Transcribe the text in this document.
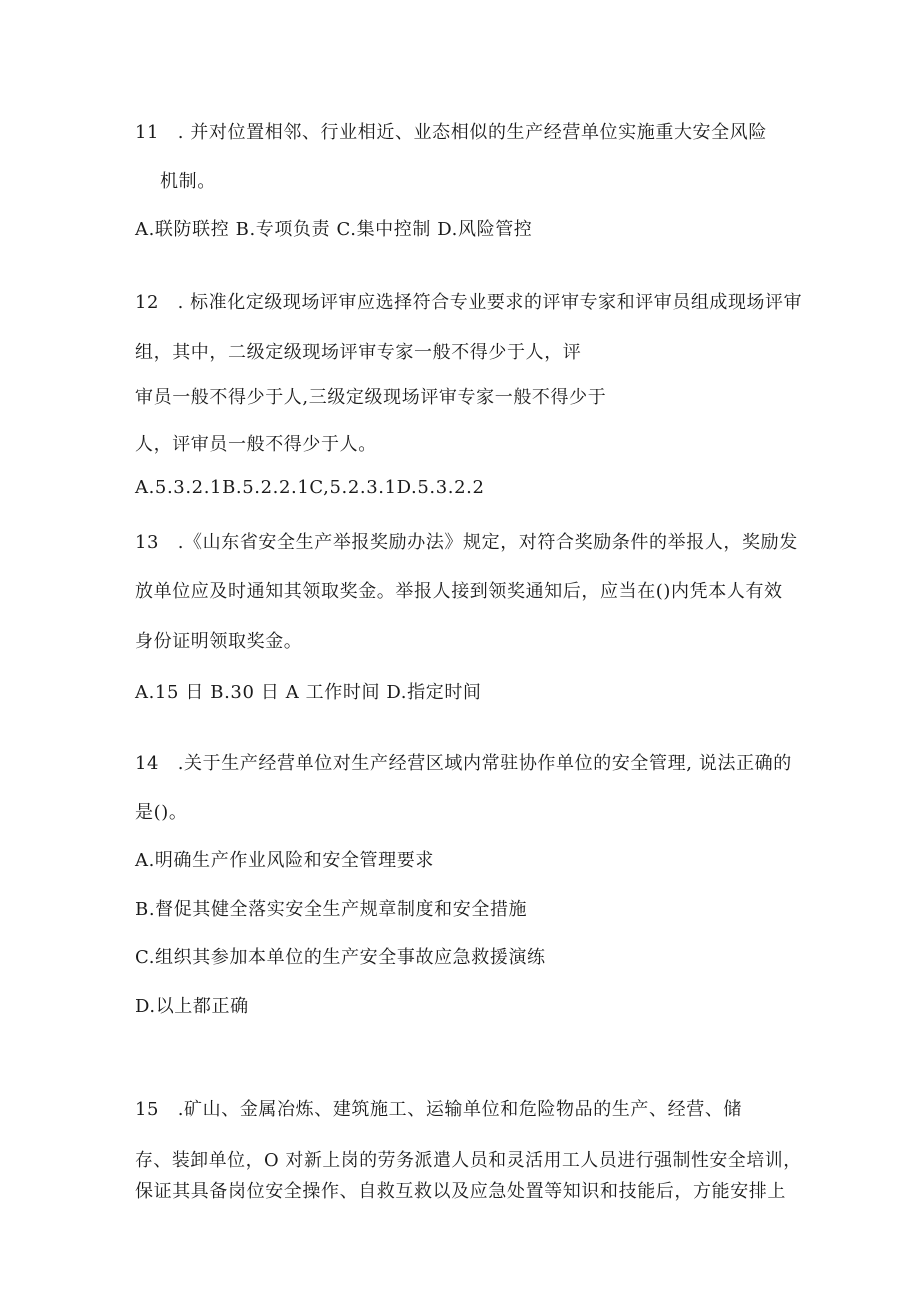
11　. 并对位置相邻、行业相近、业态相似的生产经营单位实施重大安全风险
机制。
A.联防联控 B.专项负责 C.集中控制 D.风险管控
12　. 标准化定级现场评审应选择符合专业要求的评审专家和评审员组成现场评审
组，其中，二级定级现场评审专家一般不得少于人，评
审员一般不得少于人,三级定级现场评审专家一般不得少于
人，评审员一般不得少于人。
A.5.3.2.1B.5.2.2.1C,5.2.3.1D.5.3.2.2
13　.《山东省安全生产举报奖励办法》规定，对符合奖励条件的举报人，奖励发
放单位应及时通知其领取奖金。举报人接到领奖通知后，应当在()内凭本人有效
身份证明领取奖金。
A.15 日 B.30 日 A 工作时间 D.指定时间
14　.关于生产经营单位对生产经营区域内常驻协作单位的安全管理, 说法正确的
是()。
A.明确生产作业风险和安全管理要求
B.督促其健全落实安全生产规章制度和安全措施
C.组织其参加本单位的生产安全事故应急救援演练
D.以上都正确
15　.矿山、金属冶炼、建筑施工、运输单位和危险物品的生产、经营、储
存、装卸单位，O 对新上岗的劳务派遣人员和灵活用工人员进行强制性安全培训，
保证其具备岗位安全操作、自救互救以及应急处置等知识和技能后，方能安排上
